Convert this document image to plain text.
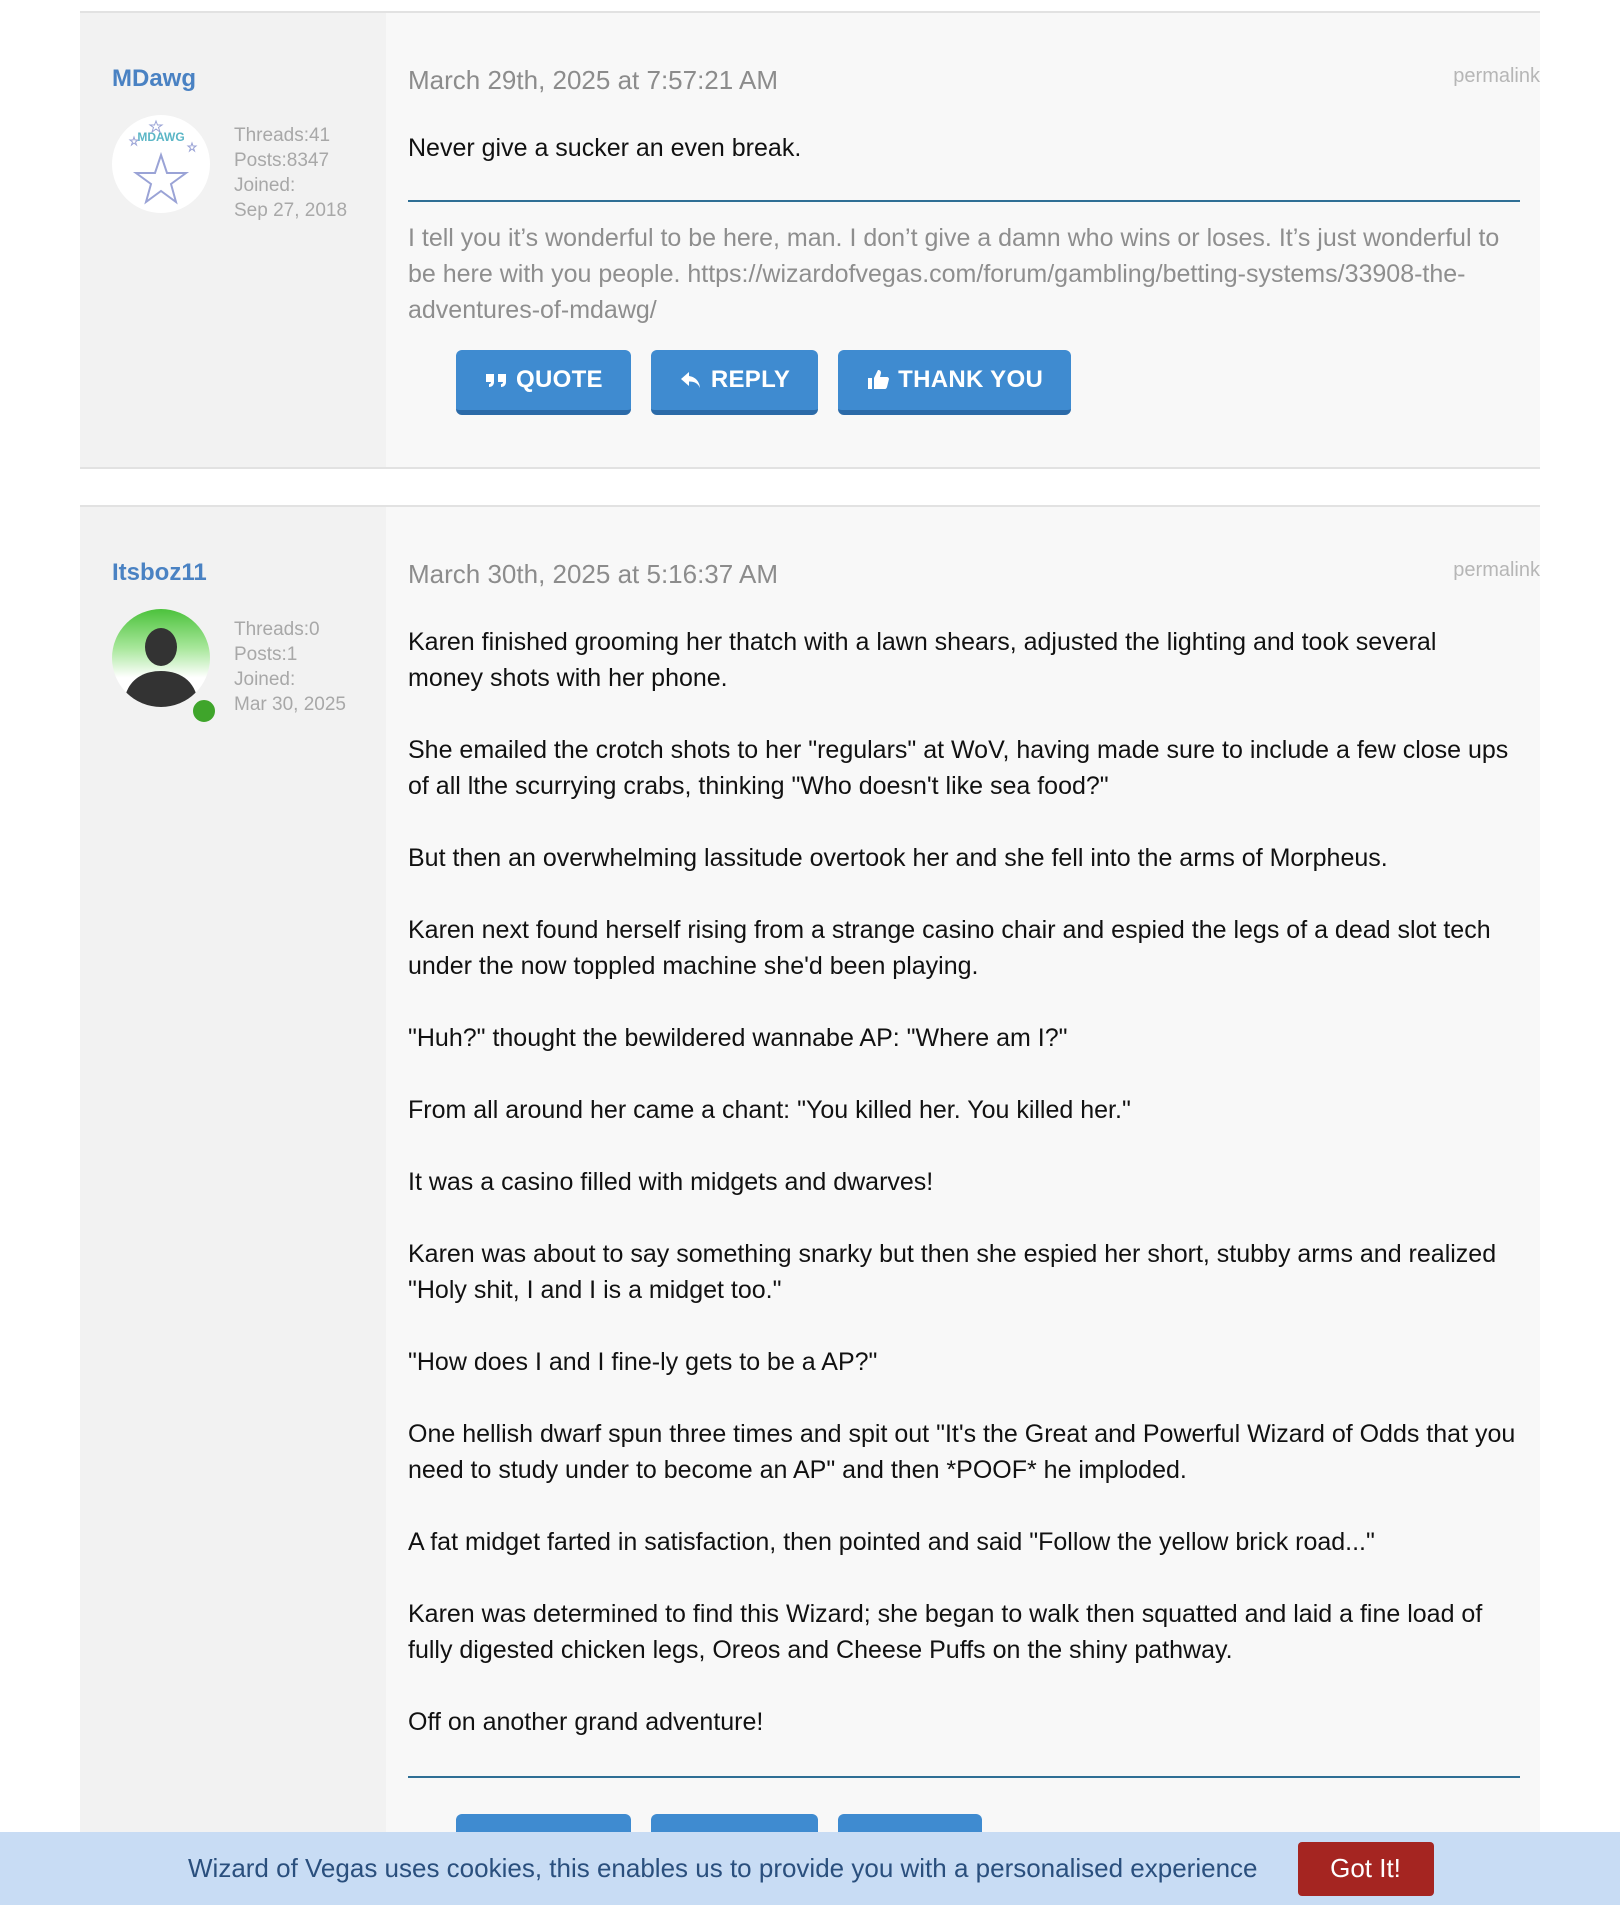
MDawg
MDAWG	Threads:41
Posts:8347
Joined:
Sep 27, 2018
March 29th, 2025 at 7:57:21 AM	permalink

Never give a sucker an even break.

I tell you it’s wonderful to be here, man. I don’t give a damn who wins or loses. It’s just wonderful to be here with you people. https://wizardofvegas.com/forum/gambling/betting-systems/33908-the-adventures-of-mdawg/
QUOTE	REPLY	THANK YOU
Itsboz11
Threads:0
Posts:1
Joined:
Mar 30, 2025
March 30th, 2025 at 5:16:37 AM	permalink

Karen finished grooming her thatch with a lawn shears, adjusted the lighting and took several money shots with her phone.

She emailed the crotch shots to her "regulars" at WoV, having made sure to include a few close ups of all lthe scurrying crabs, thinking "Who doesn't like sea food?"

But then an overwhelming lassitude overtook her and she fell into the arms of Morpheus.

Karen next found herself rising from a strange casino chair and espied the legs of a dead slot tech under the now toppled machine she'd been playing.

"Huh?" thought the bewildered wannabe AP: "Where am I?"

From all around her came a chant: "You killed her. You killed her."

It was a casino filled with midgets and dwarves!

Karen was about to say something snarky but then she espied her short, stubby arms and realized "Holy shit, I and I is a midget too."

"How does I and I fine-ly gets to be a AP?"

One hellish dwarf spun three times and spit out "It's the Great and Powerful Wizard of Odds that you need to study under to become an AP" and then *POOF* he imploded.

A fat midget farted in satisfaction, then pointed and said "Follow the yellow brick road..."

Karen was determined to find this Wizard; she began to walk then squatted and laid a fine load of fully digested chicken legs, Oreos and Cheese Puffs on the shiny pathway.

Off on another grand adventure!

Wizard of Vegas uses cookies, this enables us to provide you with a personalised experience	Got It!
